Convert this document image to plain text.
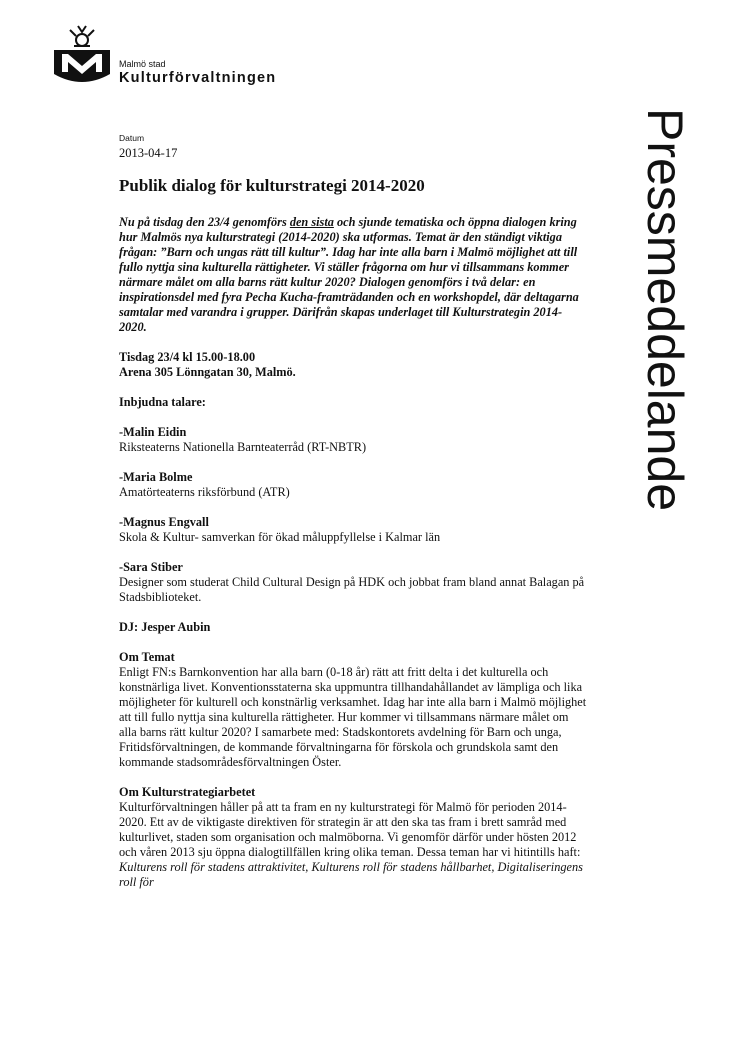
Malmö stad
Kulturförvaltningen
Pressmeddelande
Datum
2013-04-17
Publik dialog för kulturstrategi 2014-2020

Nu på tisdag den 23/4 genomförs den sista och sjunde tematiska och öppna dialogen kring hur Malmös nya kulturstrategi (2014-2020) ska utformas. Temat är den ständigt viktiga frågan: ”Barn och ungas rätt till kultur”. Idag har inte alla barn i Malmö möjlighet att till fullo nyttja sina kulturella rättigheter. Vi ställer frågorna om hur vi tillsammans kommer närmare målet om alla barns rätt kultur 2020? Dialogen genomförs i två delar: en inspirationsdel med fyra Pecha Kucha-framträdanden och en workshopdel, där deltagarna samtalar med varandra i grupper. Därifrån skapas underlaget till Kulturstrategin 2014-2020.

Tisdag 23/4 kl 15.00-18.00

Arena 305 Lönngatan 30, Malmö.

Inbjudna talare:

-Malin Eidin

Riksteaterns Nationella Barnteaterråd (RT-NBTR)

-Maria Bolme

Amatörteaterns riksförbund (ATR)

-Magnus Engvall

Skola & Kultur- samverkan för ökad måluppfyllelse i Kalmar län

-Sara Stiber

Designer som studerat Child Cultural Design på HDK och jobbat fram bland annat Balagan på Stadsbiblioteket.

DJ: Jesper Aubin

Om Temat

Enligt FN:s Barnkonvention har alla barn (0-18 år) rätt att fritt delta i det kulturella och konstnärliga livet. Konventionsstaterna ska uppmuntra tillhandahållandet av lämpliga och lika möjligheter för kulturell och konstnärlig verksamhet. Idag har inte alla barn i Malmö möjlighet att till fullo nyttja sina kulturella rättigheter. Hur kommer vi tillsammans närmare målet om alla barns rätt kultur 2020? I samarbete med: Stadskontorets avdelning för Barn och unga, Fritidsförvaltningen, de kommande förvaltningarna för förskola och grundskola samt den kommande stadsområdesförvaltningen Öster.

Om Kulturstrategiarbetet

Kulturförvaltningen håller på att ta fram en ny kulturstrategi för Malmö för perioden 2014-2020. Ett av de viktigaste direktiven för strategin är att den ska tas fram i brett samråd med kulturlivet, staden som organisation och malmöborna. Vi genomför därför under hösten 2012 och våren 2013 sju öppna dialogtillfällen kring olika teman. Dessa teman har vi hitintills haft: Kulturens roll för stadens attraktivitet, Kulturens roll för stadens hållbarhet, Digitaliseringens roll för
